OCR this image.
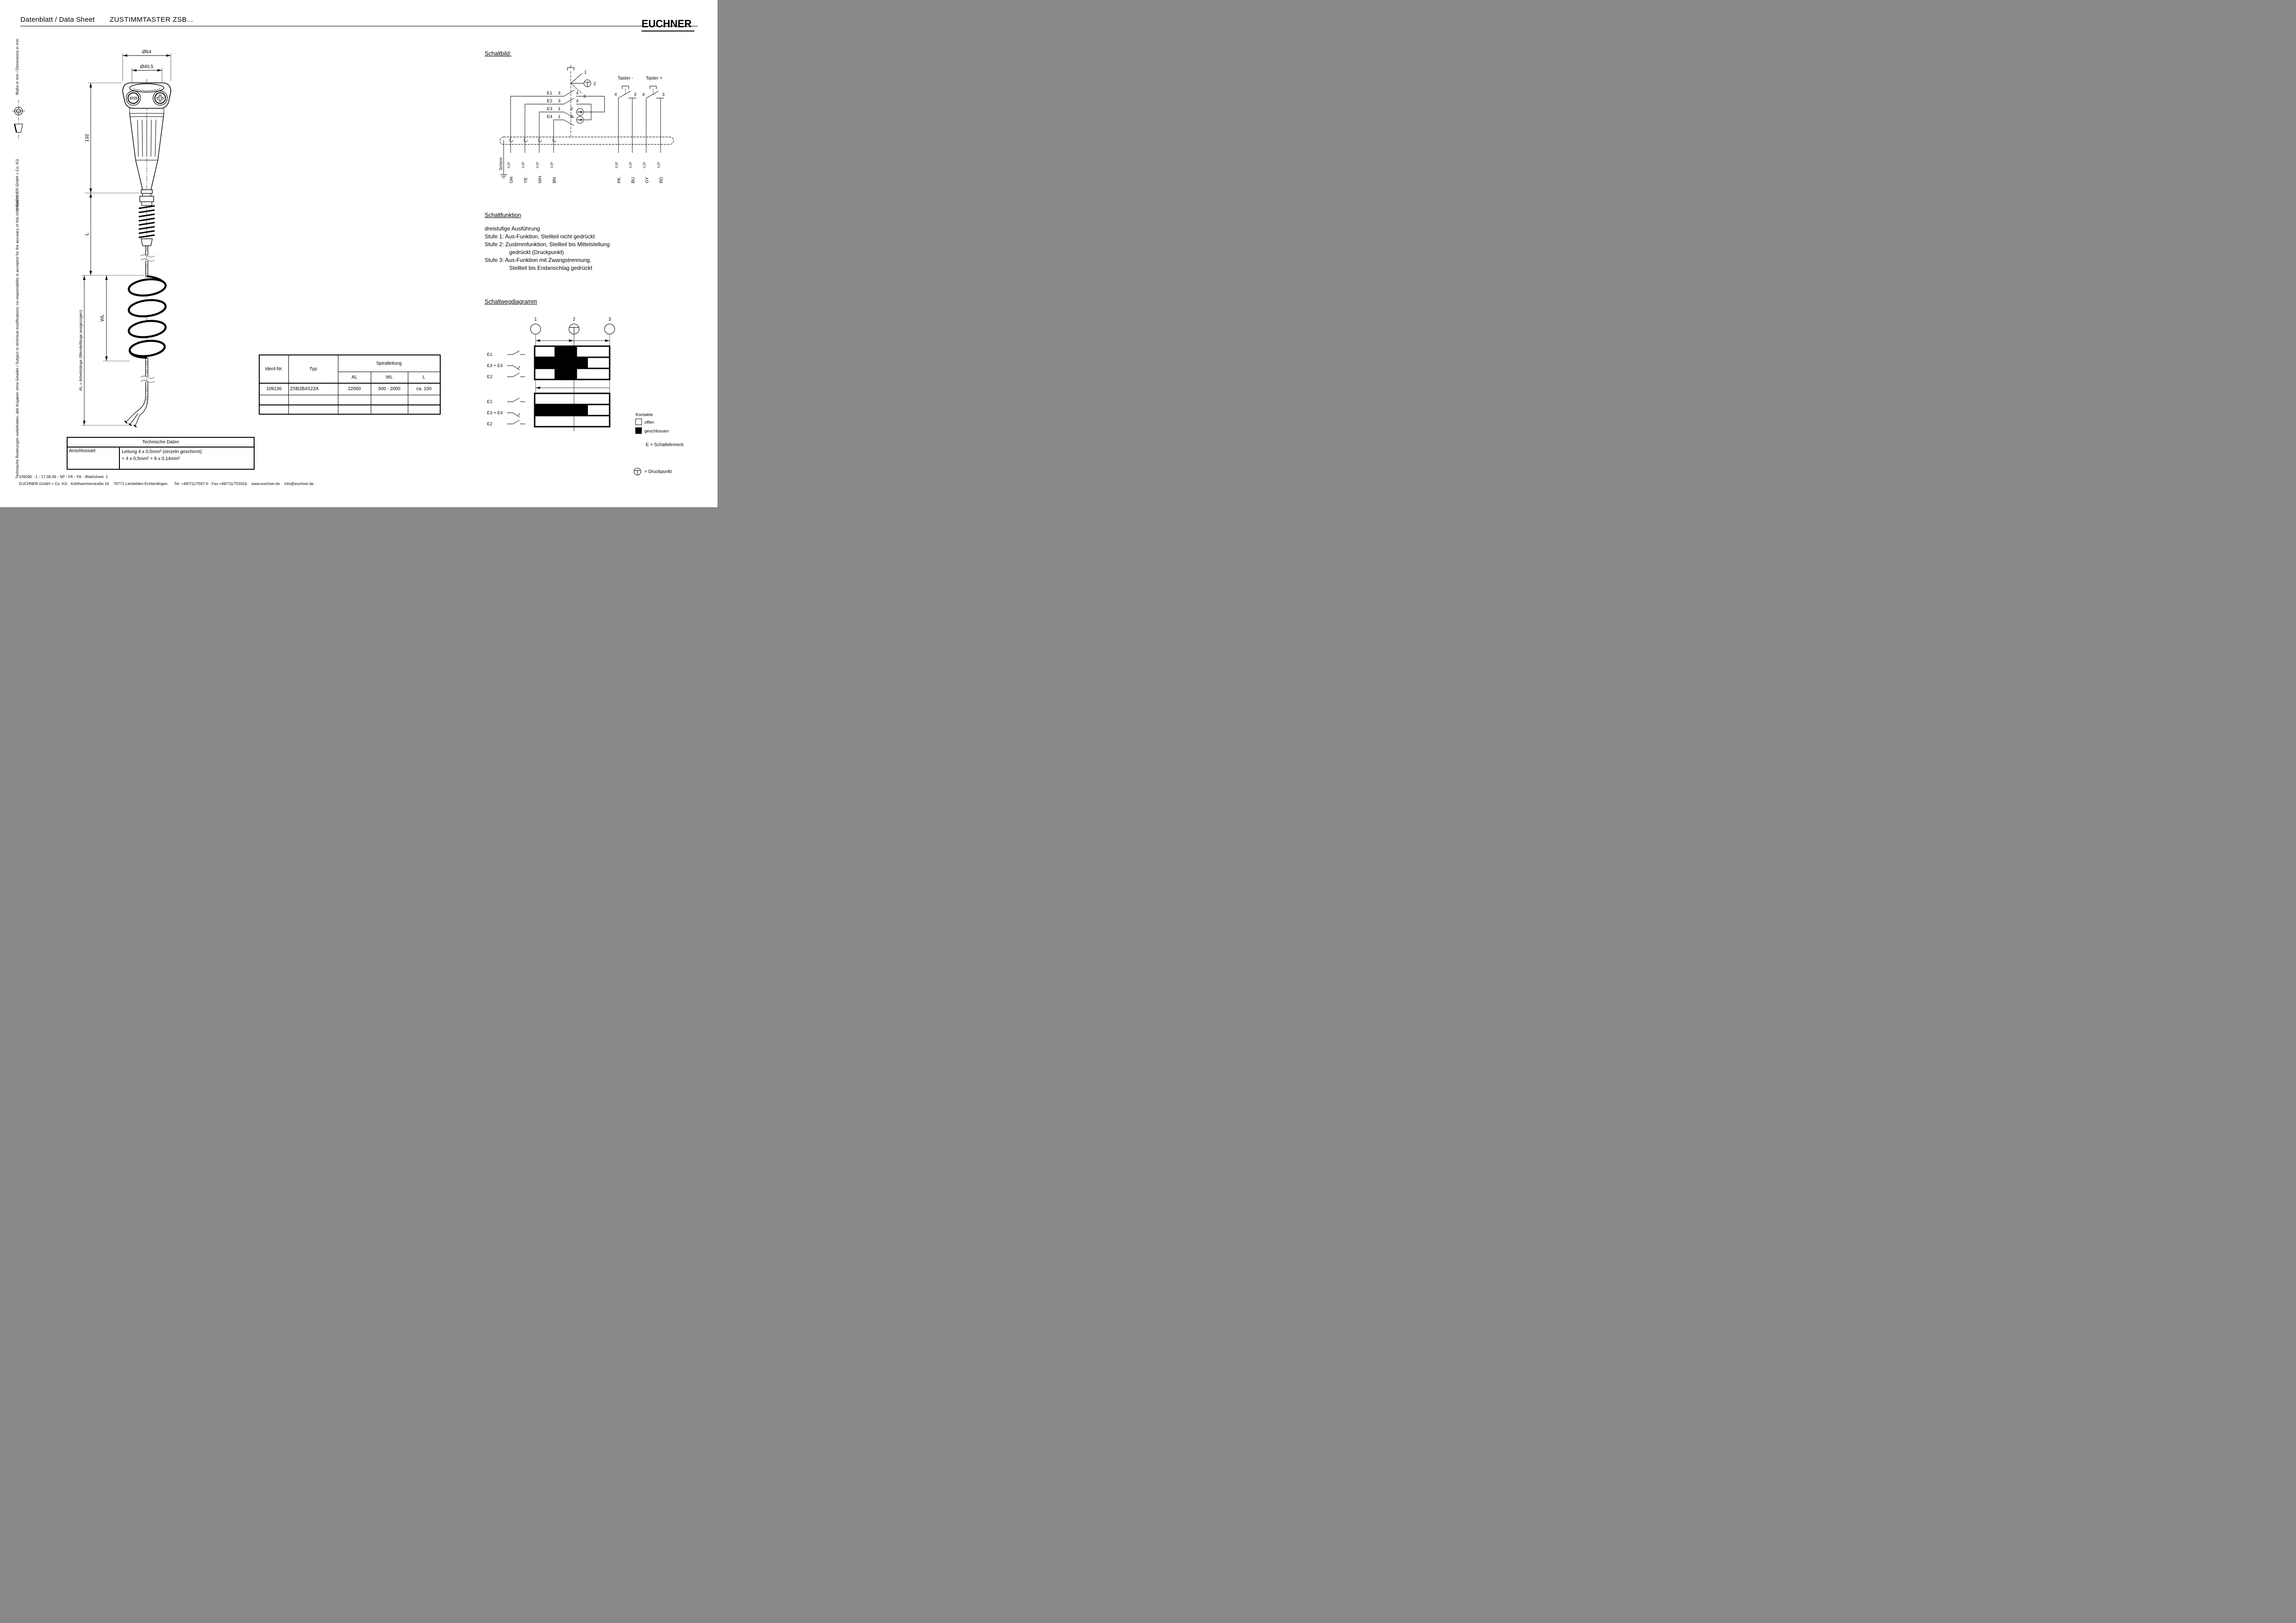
Datenblatt / Data Sheet ZUSTIMMTASTER ZSB...	EUCHNER
Maße in mm / Dimensions in mm
© EUCHNER GmbH + Co. KG
Technische Änderungen vorbehalten, alle Angaben ohne Gewähr / Subject to technical modifications; no responsibility is accepted for the accuracy of this information.
Ø64
Ø40,5
132
L
WL
AL = Arbeitslänge (Wendellänge ausgezogen)
Schaltbild:
1
2
3
Taster -	Taster +
E1 3	4
E2 3	4
E3 1 2
E4 1 2
4	3 4	3
Schirm 0,5²	0,5²	0,5²	0,5²	0,5²	0,5²	0,5²	0,5²
GN YE WH BN	PK BU GY RD
Schaltfunktion
dreistufige Ausführung
Stufe 1: Aus-Funktion, Stellteil nicht gedrückt
Stufe 2: Zustimmfunktion, Stellteil bis Mittelstellung
gedrückt (Druckpunkt)
Stufe 3: Aus-Funktion mit Zwangstrennung,
Stellteil bis Endanschlag gedrückt
Schaltwegdiagramm
1	2	3
E1
E3 + E4
E2
E1
E3 + E4
E2
Kontakte
offen
geschlossen
E = Schaltelement
= Druckpunkt
Ident-Nr.	Typ	Spiralleitung		
		AL	WL	L
109136	ZSB2B4S22A	22000	500 - 2000	ca. 100

Technische Daten
Anschlussart	Leitung 4 x 0,5mm² (einzeln geschirmt)
+ 4 x 0,5mm² + 8 x 0,14mm²
109290 - 1 - 17.08.09 - SP - FK - FK - Blatt/sheet  1
EUCHNER GmbH + Co. KG   Kohlhammerstraße 16    70771 Leinfelden-Echterdingen      Tel. +49/711/7597-0   Fax +49/711/753316    www.euchner.de    info@euchner.de
